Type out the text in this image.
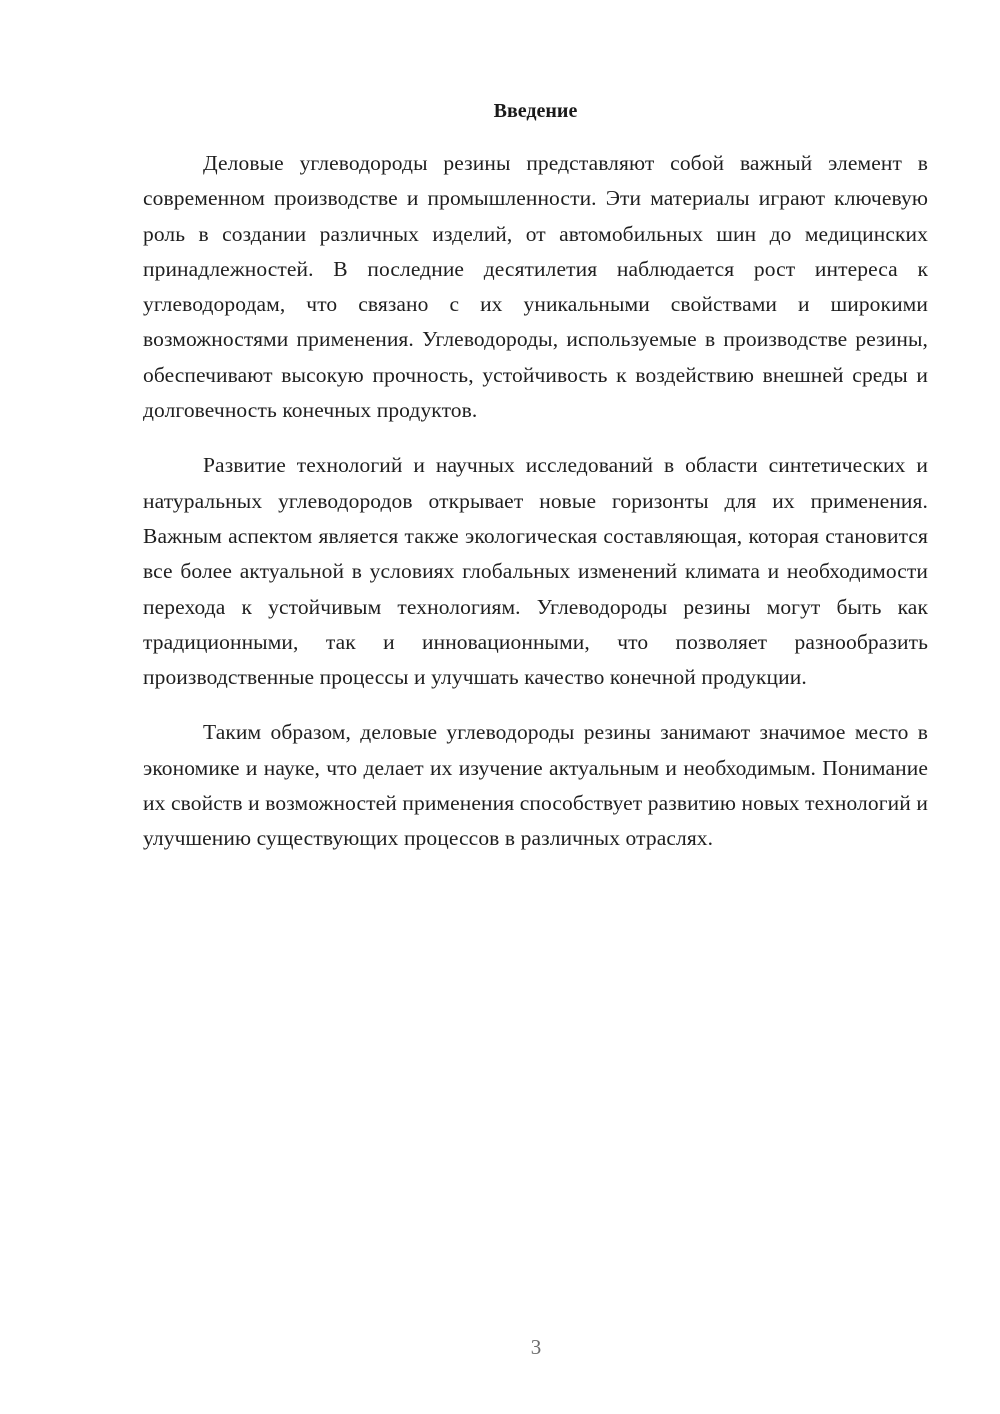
Введение

Деловые углеводороды резины представляют собой важный элемент в современном производстве и промышленности. Эти материалы играют ключевую роль в создании различных изделий, от автомобильных шин до медицинских принадлежностей. В последние десятилетия наблюдается рост интереса к углеводородам, что связано с их уникальными свойствами и широкими возможностями применения. Углеводороды, используемые в производстве резины, обеспечивают высокую прочность, устойчивость к воздействию внешней среды и долговечность конечных продуктов.

Развитие технологий и научных исследований в области синтетических и натуральных углеводородов открывает новые горизонты для их применения. Важным аспектом является также экологическая составляющая, которая становится все более актуальной в условиях глобальных изменений климата и необходимости перехода к устойчивым технологиям. Углеводороды резины могут быть как традиционными, так и инновационными, что позволяет разнообразить производственные процессы и улучшать качество конечной продукции.

Таким образом, деловые углеводороды резины занимают значимое место в экономике и науке, что делает их изучение актуальным и необходимым. Понимание их свойств и возможностей применения способствует развитию новых технологий и улучшению существующих процессов в различных отраслях.

3
